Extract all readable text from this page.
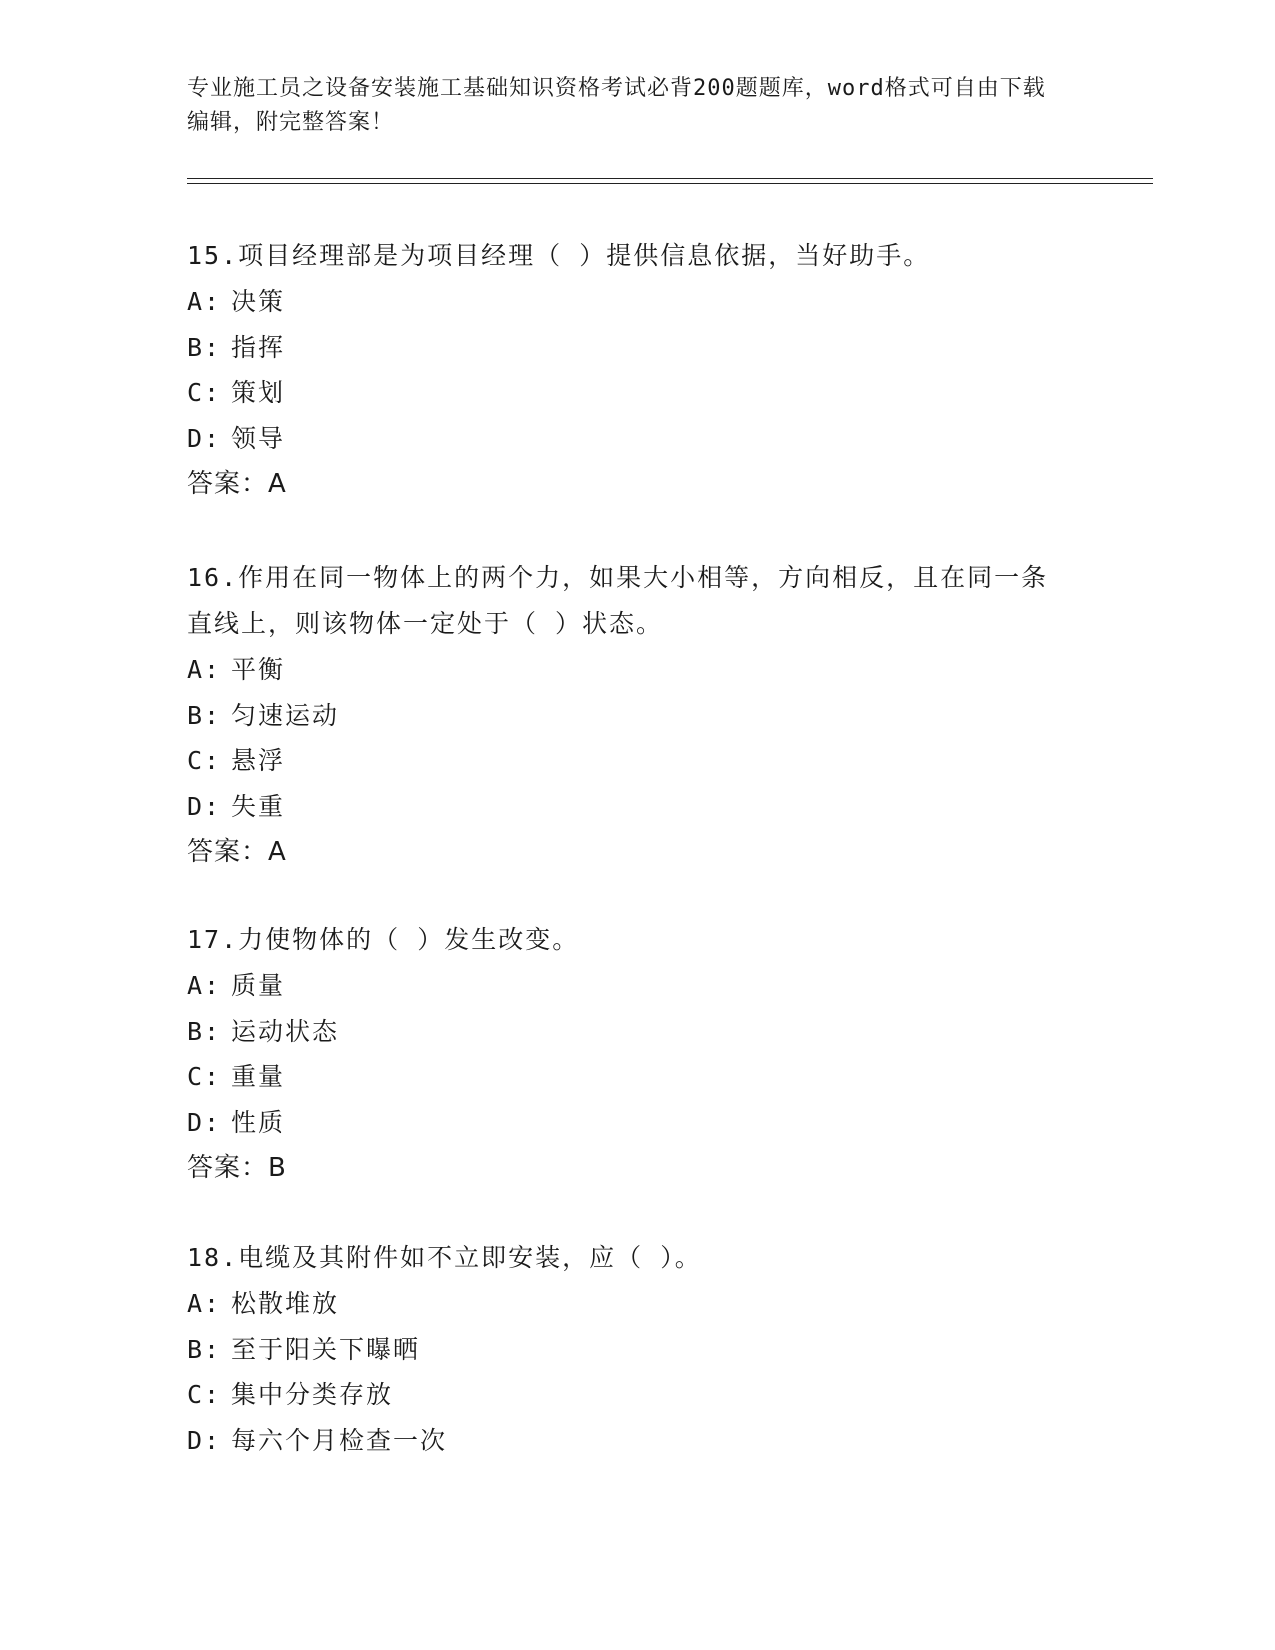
专业施工员之设备安装施工基础知识资格考试必背200题题库，word格式可自由下载编辑，附完整答案！
15.项目经理部是为项目经理（ ）提供信息依据，当好助手。
A: 决策
B: 指挥
C: 策划
D: 领导
答案：A
16.作用在同一物体上的两个力，如果大小相等，方向相反，且在同一条直线上，则该物体一定处于（ ）状态。
A: 平衡
B: 匀速运动
C: 悬浮
D: 失重
答案：A
17.力使物体的（ ）发生改变。
A: 质量
B: 运动状态
C: 重量
D: 性质
答案：B
18.电缆及其附件如不立即安装，应（ ）。
A: 松散堆放
B: 至于阳关下曝晒
C: 集中分类存放
D: 每六个月检查一次
